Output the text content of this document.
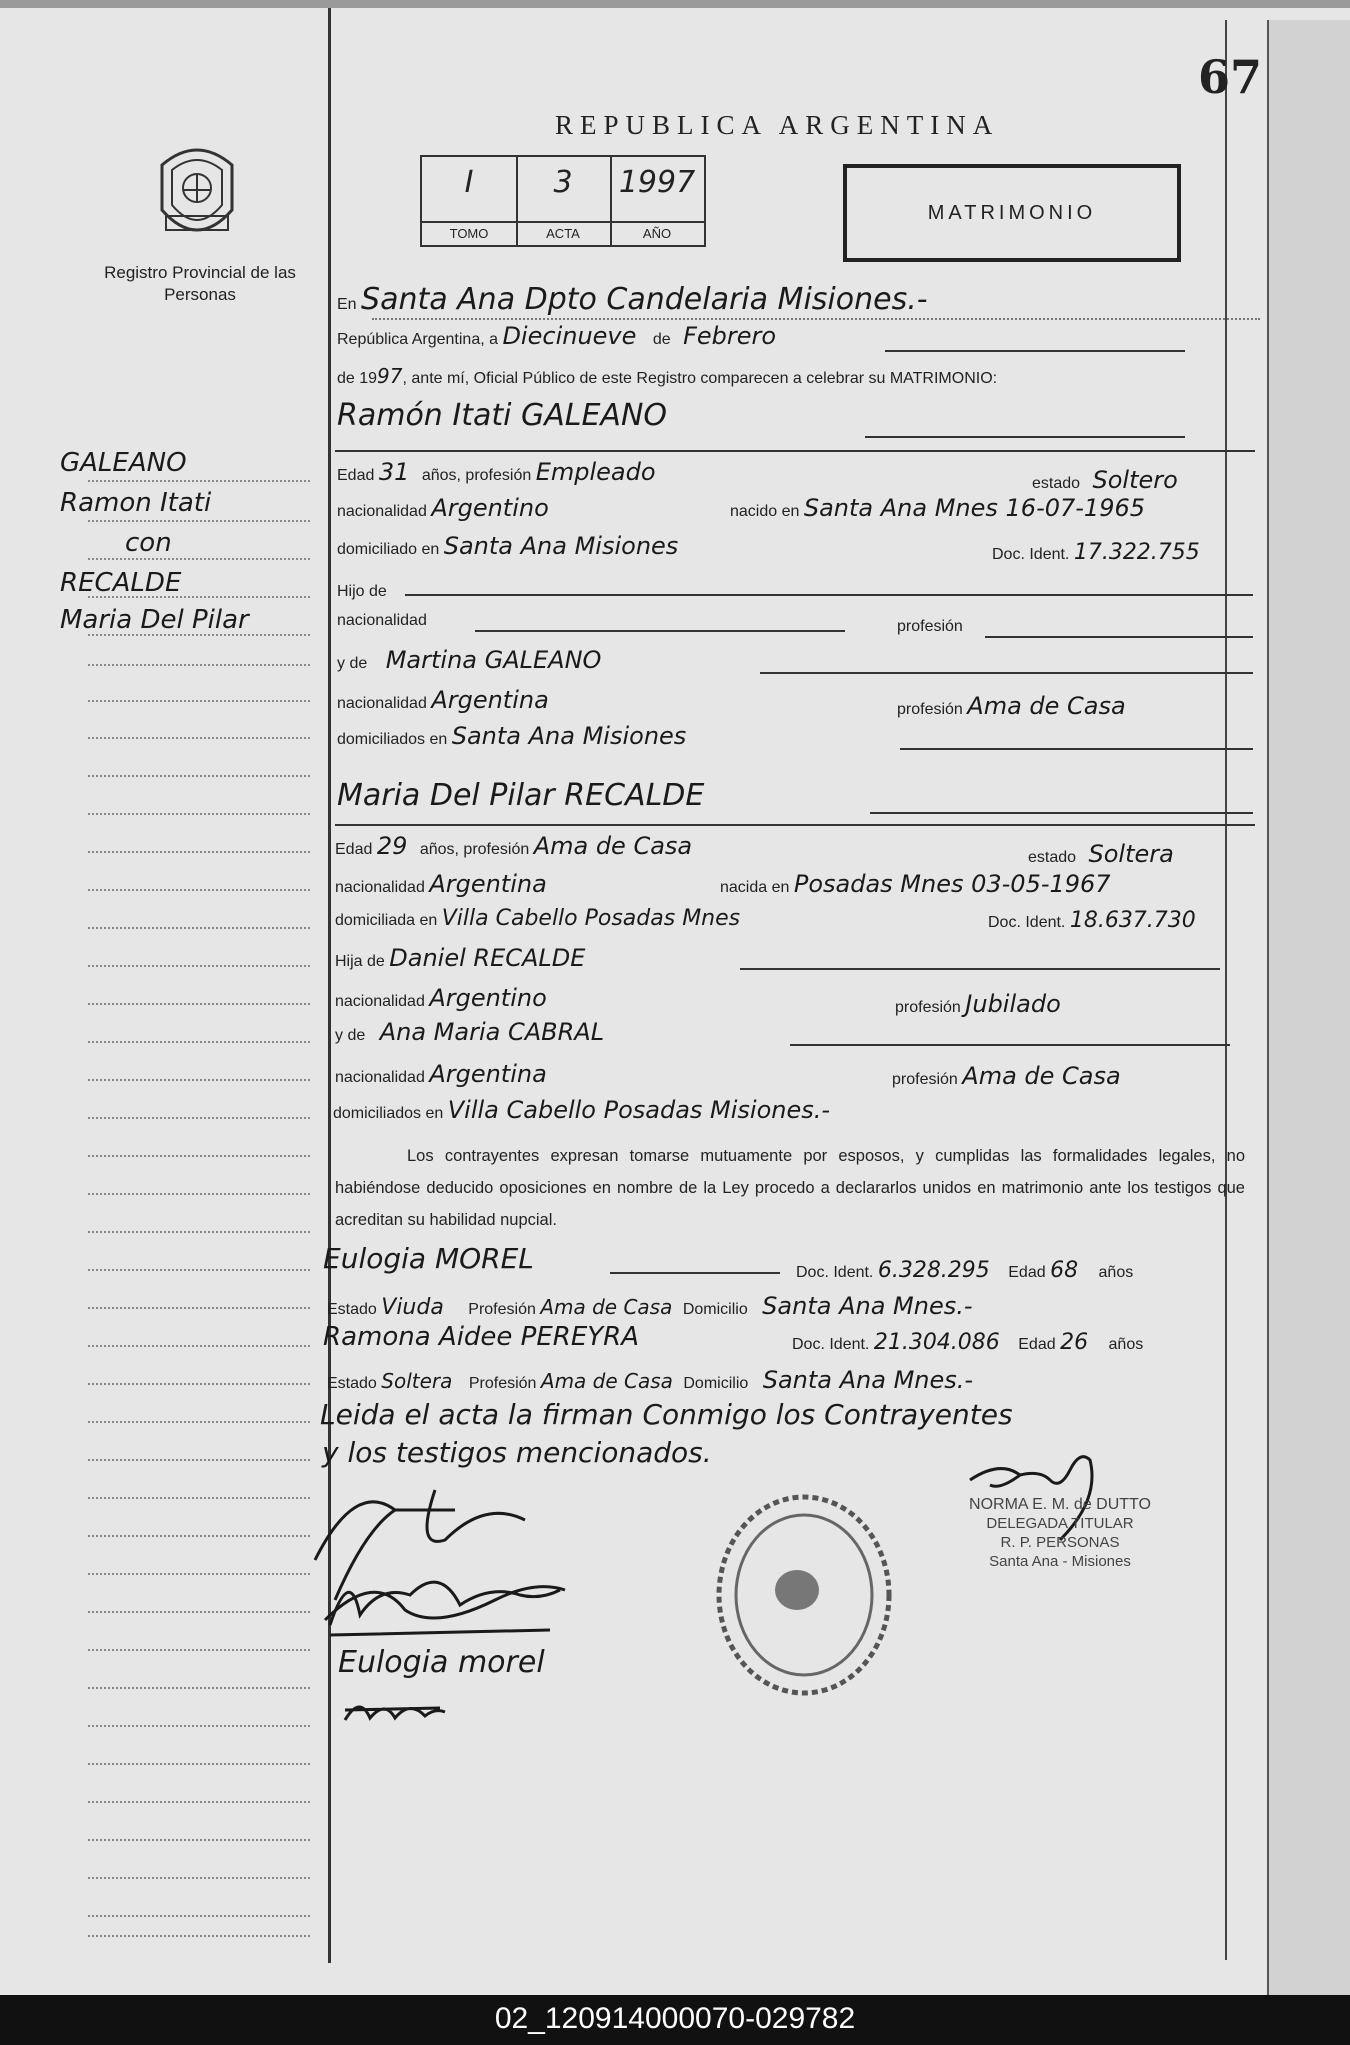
67
REPUBLICA ARGENTINA
Registro Provincial de las Personas
I
TOMO
3
ACTA
1997
AÑO
MATRIMONIO
GALEANO
Ramon Itati
con
RECALDE
Maria Del Pilar
En Santa Ana Dpto Candelaria Misiones.-
República Argentina, a Diecinueve de Febrero
de 1997, ante mí, Oficial Público de este Registro comparecen a celebrar su MATRIMONIO:
Ramón Itati GALEANO
Edad 31 años, profesión Empleado	estado Soltero
nacionalidad Argentino	nacido en Santa Ana Mnes 16-07-1965
domiciliado en Santa Ana Misiones	Doc. Ident. 17.322.755
Hijo de
nacionalidad	profesión
y de Martina GALEANO
nacionalidad Argentina	profesión Ama de Casa
domiciliados en Santa Ana Misiones
Maria Del Pilar RECALDE
Edad 29 años, profesión Ama de Casa	estado Soltera
nacionalidad Argentina	nacida en Posadas Mnes 03-05-1967
domiciliada en Villa Cabello Posadas Mnes	Doc. Ident. 18.637.730
Hija de Daniel RECALDE
nacionalidad Argentino	profesión Jubilado
y de Ana Maria CABRAL
nacionalidad Argentina	profesión Ama de Casa
domiciliados en Villa Cabello Posadas Misiones.-
Los contrayentes expresan tomarse mutuamente por esposos, y cumplidas las formalidades legales, no habiéndose deducido oposiciones en nombre de la Ley procedo a declararlos unidos en matrimonio ante los testigos que acreditan su habilidad nupcial.
Eulogia MOREL	Doc. Ident. 6.328.295 Edad 68 años
Estado Viuda Profesión Ama de Casa Domicilio Santa Ana Mnes.-
Ramona Aidee PEREYRA	Doc. Ident. 21.304.086 Edad 26 años
Estado Soltera Profesión Ama de Casa Domicilio Santa Ana Mnes.-
Leida el acta la firman Conmigo los Contrayentes
y los testigos mencionados.
Eulogia morel
NORMA E. M. de DUTTO
DELEGADA TITULAR
R. P. PERSONAS
Santa Ana - Misiones
02_120914000070-029782
